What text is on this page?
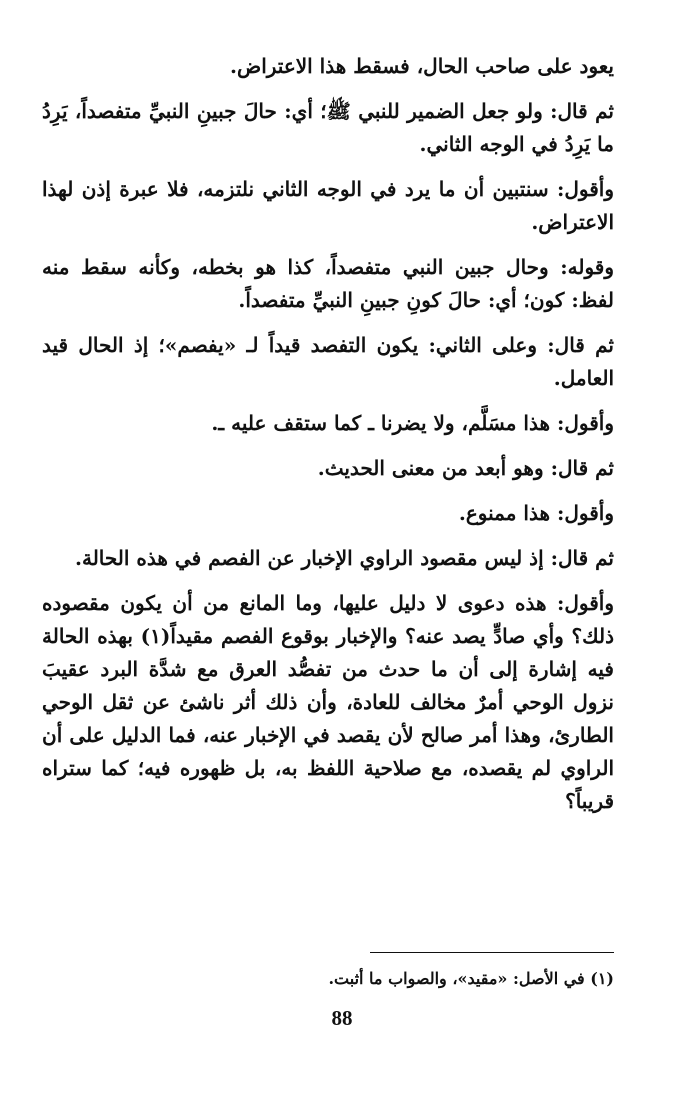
يعود على صاحب الحال، فسقط هذا الاعتراض.

ثم قال: ولو جعل الضمير للنبي ﷺ؛ أي: حالَ جبينِ النبيِّ متفصداً، يَرِدُ ما يَرِدُ في الوجه الثاني.

وأقول: سنتبين أن ما يرد في الوجه الثاني نلتزمه، فلا عبرة إذن لهذا الاعتراض.

وقوله: وحال جبين النبي متفصداً، كذا هو بخطه، وكأنه سقط منه لفظ: كون؛ أي: حالَ كونِ جبينِ النبيِّ متفصداً.

ثم قال: وعلى الثاني: يكون التفصد قيداً لـ «يفصم»؛ إذ الحال قيد العامل.

وأقول: هذا مسَلَّم، ولا يضرنا ـ كما ستقف عليه ـ.

ثم قال: وهو أبعد من معنى الحديث.

وأقول: هذا ممنوع.

ثم قال: إذ ليس مقصود الراوي الإخبار عن الفصم في هذه الحالة.

وأقول: هذه دعوى لا دليل عليها، وما المانع من أن يكون مقصوده ذلك؟ وأي صادٍّ يصد عنه؟ والإخبار بوقوع الفصم مقيداً(١) بهذه الحالة فيه إشارة إلى أن ما حدث من تفصُّد العرق مع شدَّة البرد عقيبَ نزول الوحي أمرٌ مخالف للعادة، وأن ذلك أثر ناشئ عن ثقل الوحي الطارئ، وهذا أمر صالح لأن يقصد في الإخبار عنه، فما الدليل على أن الراوي لم يقصده، مع صلاحية اللفظ به، بل ظهوره فيه؛ كما ستراه قريباً؟

(١) في الأصل: «مقيد»، والصواب ما أثبت.
88
